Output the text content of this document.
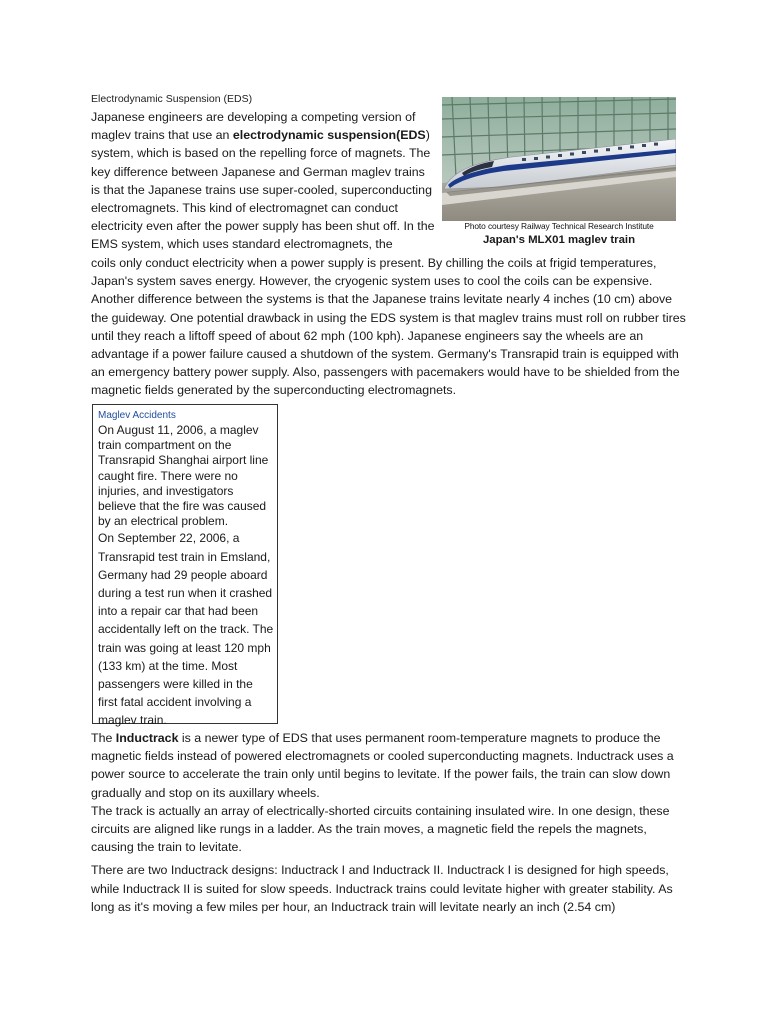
Electrodynamic Suspension (EDS)

Japanese engineers are developing a competing version of maglev trains that use an electrodynamic suspension(EDS) system, which is based on the repelling force of magnets. The key difference between Japanese and German maglev trains is that the Japanese trains use super-cooled, superconducting electromagnets. This kind of electromagnet can conduct electricity even after the power supply has been shut off. In the EMS system, which uses standard electromagnets, the

Photo courtesy Railway Technical Research Institute
Japan's MLX01 maglev train

coils only conduct electricity when a power supply is present. By chilling the coils at frigid temperatures, Japan's system saves energy. However, the cryogenic system uses to cool the coils can be expensive. Another difference between the systems is that the Japanese trains levitate nearly 4 inches (10 cm) above the guideway. One potential drawback in using the EDS system is that maglev trains must roll on rubber tires until they reach a liftoff speed of about 62 mph (100 kph). Japanese engineers say the wheels are an advantage if a power failure caused a shutdown of the system. Germany's Transrapid train is equipped with an emergency battery power supply. Also, passengers with pacemakers would have to be shielded from the magnetic fields generated by the superconducting electromagnets.

Maglev Accidents

On August 11, 2006, a maglev train compartment on the Transrapid Shanghai airport line caught fire. There were no injuries, and investigators believe that the fire was caused by an electrical problem.

On September 22, 2006, a Transrapid test train in Emsland, Germany had 29 people aboard during a test run when it crashed into a repair car that had been accidentally left on the track. The train was going at least 120 mph (133 km) at the time. Most passengers were killed in the first fatal accident involving a maglev train.

The Inductrack is a newer type of EDS that uses permanent room-temperature magnets to produce the magnetic fields instead of powered electromagnets or cooled superconducting magnets. Inductrack uses a power source to accelerate the train only until begins to levitate. If the power fails, the train can slow down gradually and stop on its auxillary wheels.

The track is actually an array of electrically-shorted circuits containing insulated wire. In one design, these circuits are aligned like rungs in a ladder. As the train moves, a magnetic field the repels the magnets, causing the train to levitate.

There are two Inductrack designs: Inductrack I and Inductrack II. Inductrack I is designed for high speeds, while Inductrack II is suited for slow speeds. Inductrack trains could levitate higher with greater stability. As long as it's moving a few miles per hour, an Inductrack train will levitate nearly an inch (2.54 cm)
